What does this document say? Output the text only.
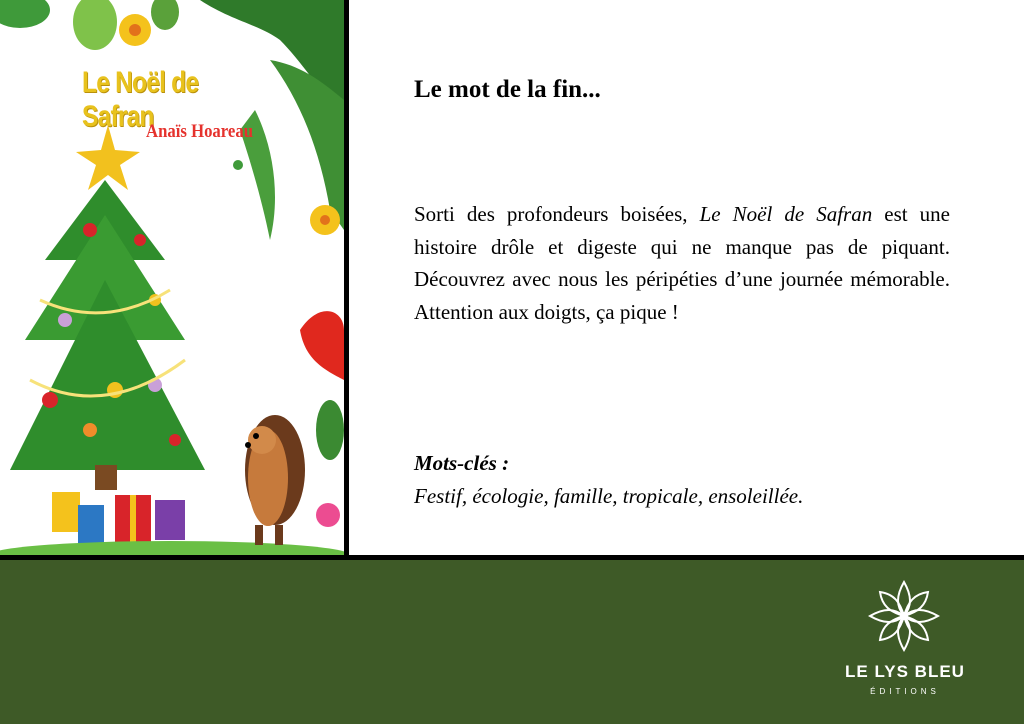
Le Noël de Safran
Anaïs Hoareau
Le mot de la fin...
Sorti des profondeurs boisées, Le Noël de Safran est une histoire drôle et digeste qui ne manque pas de piquant. Découvrez avec nous les péripéties d’une journée mémorable. Attention aux doigts, ça pique !
Mots-clés :
Festif, écologie, famille, tropicale, ensoleillée.
LE LYS BLEU
ÉDITIONS
